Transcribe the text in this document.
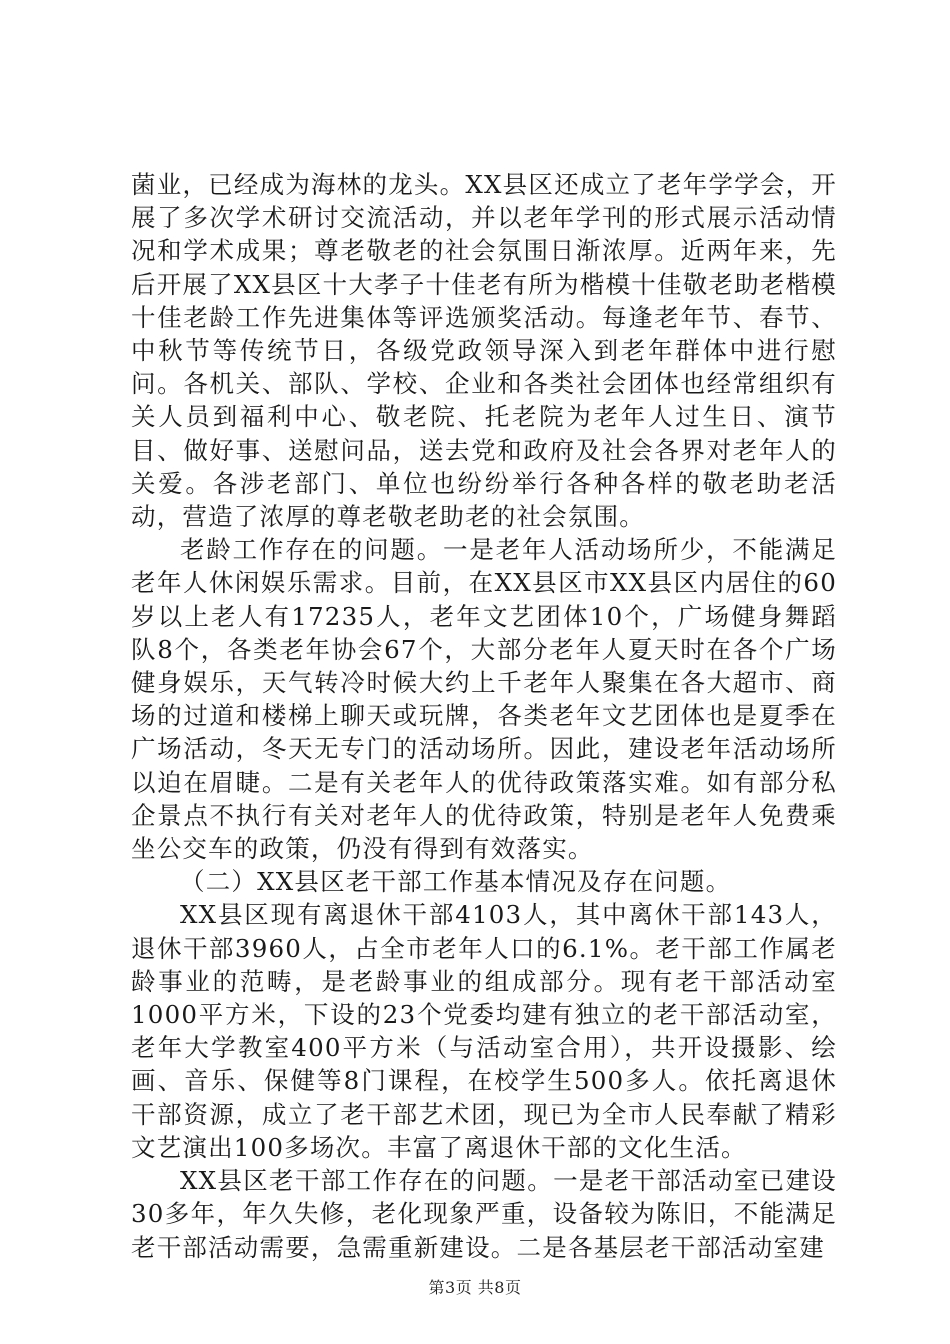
菌业，已经成为海林的龙头。XX县区还成立了老年学学会，开展了多次学术研讨交流活动，并以老年学刊的形式展示活动情况和学术成果；尊老敬老的社会氛围日渐浓厚。近两年来，先后开展了XX县区十大孝子十佳老有所为楷模十佳敬老助老楷模十佳老龄工作先进集体等评选颁奖活动。每逢老年节、春节、中秋节等传统节日，各级党政领导深入到老年群体中进行慰问。各机关、部队、学校、企业和各类社会团体也经常组织有关人员到福利中心、敬老院、托老院为老年人过生日、演节目、做好事、送慰问品，送去党和政府及社会各界对老年人的关爱。各涉老部门、单位也纷纷举行各种各样的敬老助老活动，营造了浓厚的尊老敬老助老的社会氛围。

老龄工作存在的问题。一是老年人活动场所少，不能满足老年人休闲娱乐需求。目前，在XX县区市XX县区内居住的60岁以上老人有17235人，老年文艺团体10个，广场健身舞蹈队8个，各类老年协会67个，大部分老年人夏天时在各个广场健身娱乐，天气转冷时候大约上千老年人聚集在各大超市、商场的过道和楼梯上聊天或玩牌，各类老年文艺团体也是夏季在广场活动，冬天无专门的活动场所。因此，建设老年活动场所以迫在眉睫。二是有关老年人的优待政策落实难。如有部分私企景点不执行有关对老年人的优待政策，特别是老年人免费乘坐公交车的政策，仍没有得到有效落实。

（二）XX县区老干部工作基本情况及存在问题。

XX县区现有离退休干部4103人，其中离休干部143人，退休干部3960人，占全市老年人口的6.1%。老干部工作属老龄事业的范畴，是老龄事业的组成部分。现有老干部活动室1000平方米，下设的23个党委均建有独立的老干部活动室，老年大学教室400平方米（与活动室合用），共开设摄影、绘画、音乐、保健等8门课程，在校学生500多人。依托离退休干部资源，成立了老干部艺术团，现已为全市人民奉献了精彩文艺演出100多场次。丰富了离退休干部的文化生活。

XX县区老干部工作存在的问题。一是老干部活动室已建设30多年，年久失修，老化现象严重，设备较为陈旧，不能满足老干部活动需要，急需重新建设。二是各基层老干部活动室建

第3页 共8页
